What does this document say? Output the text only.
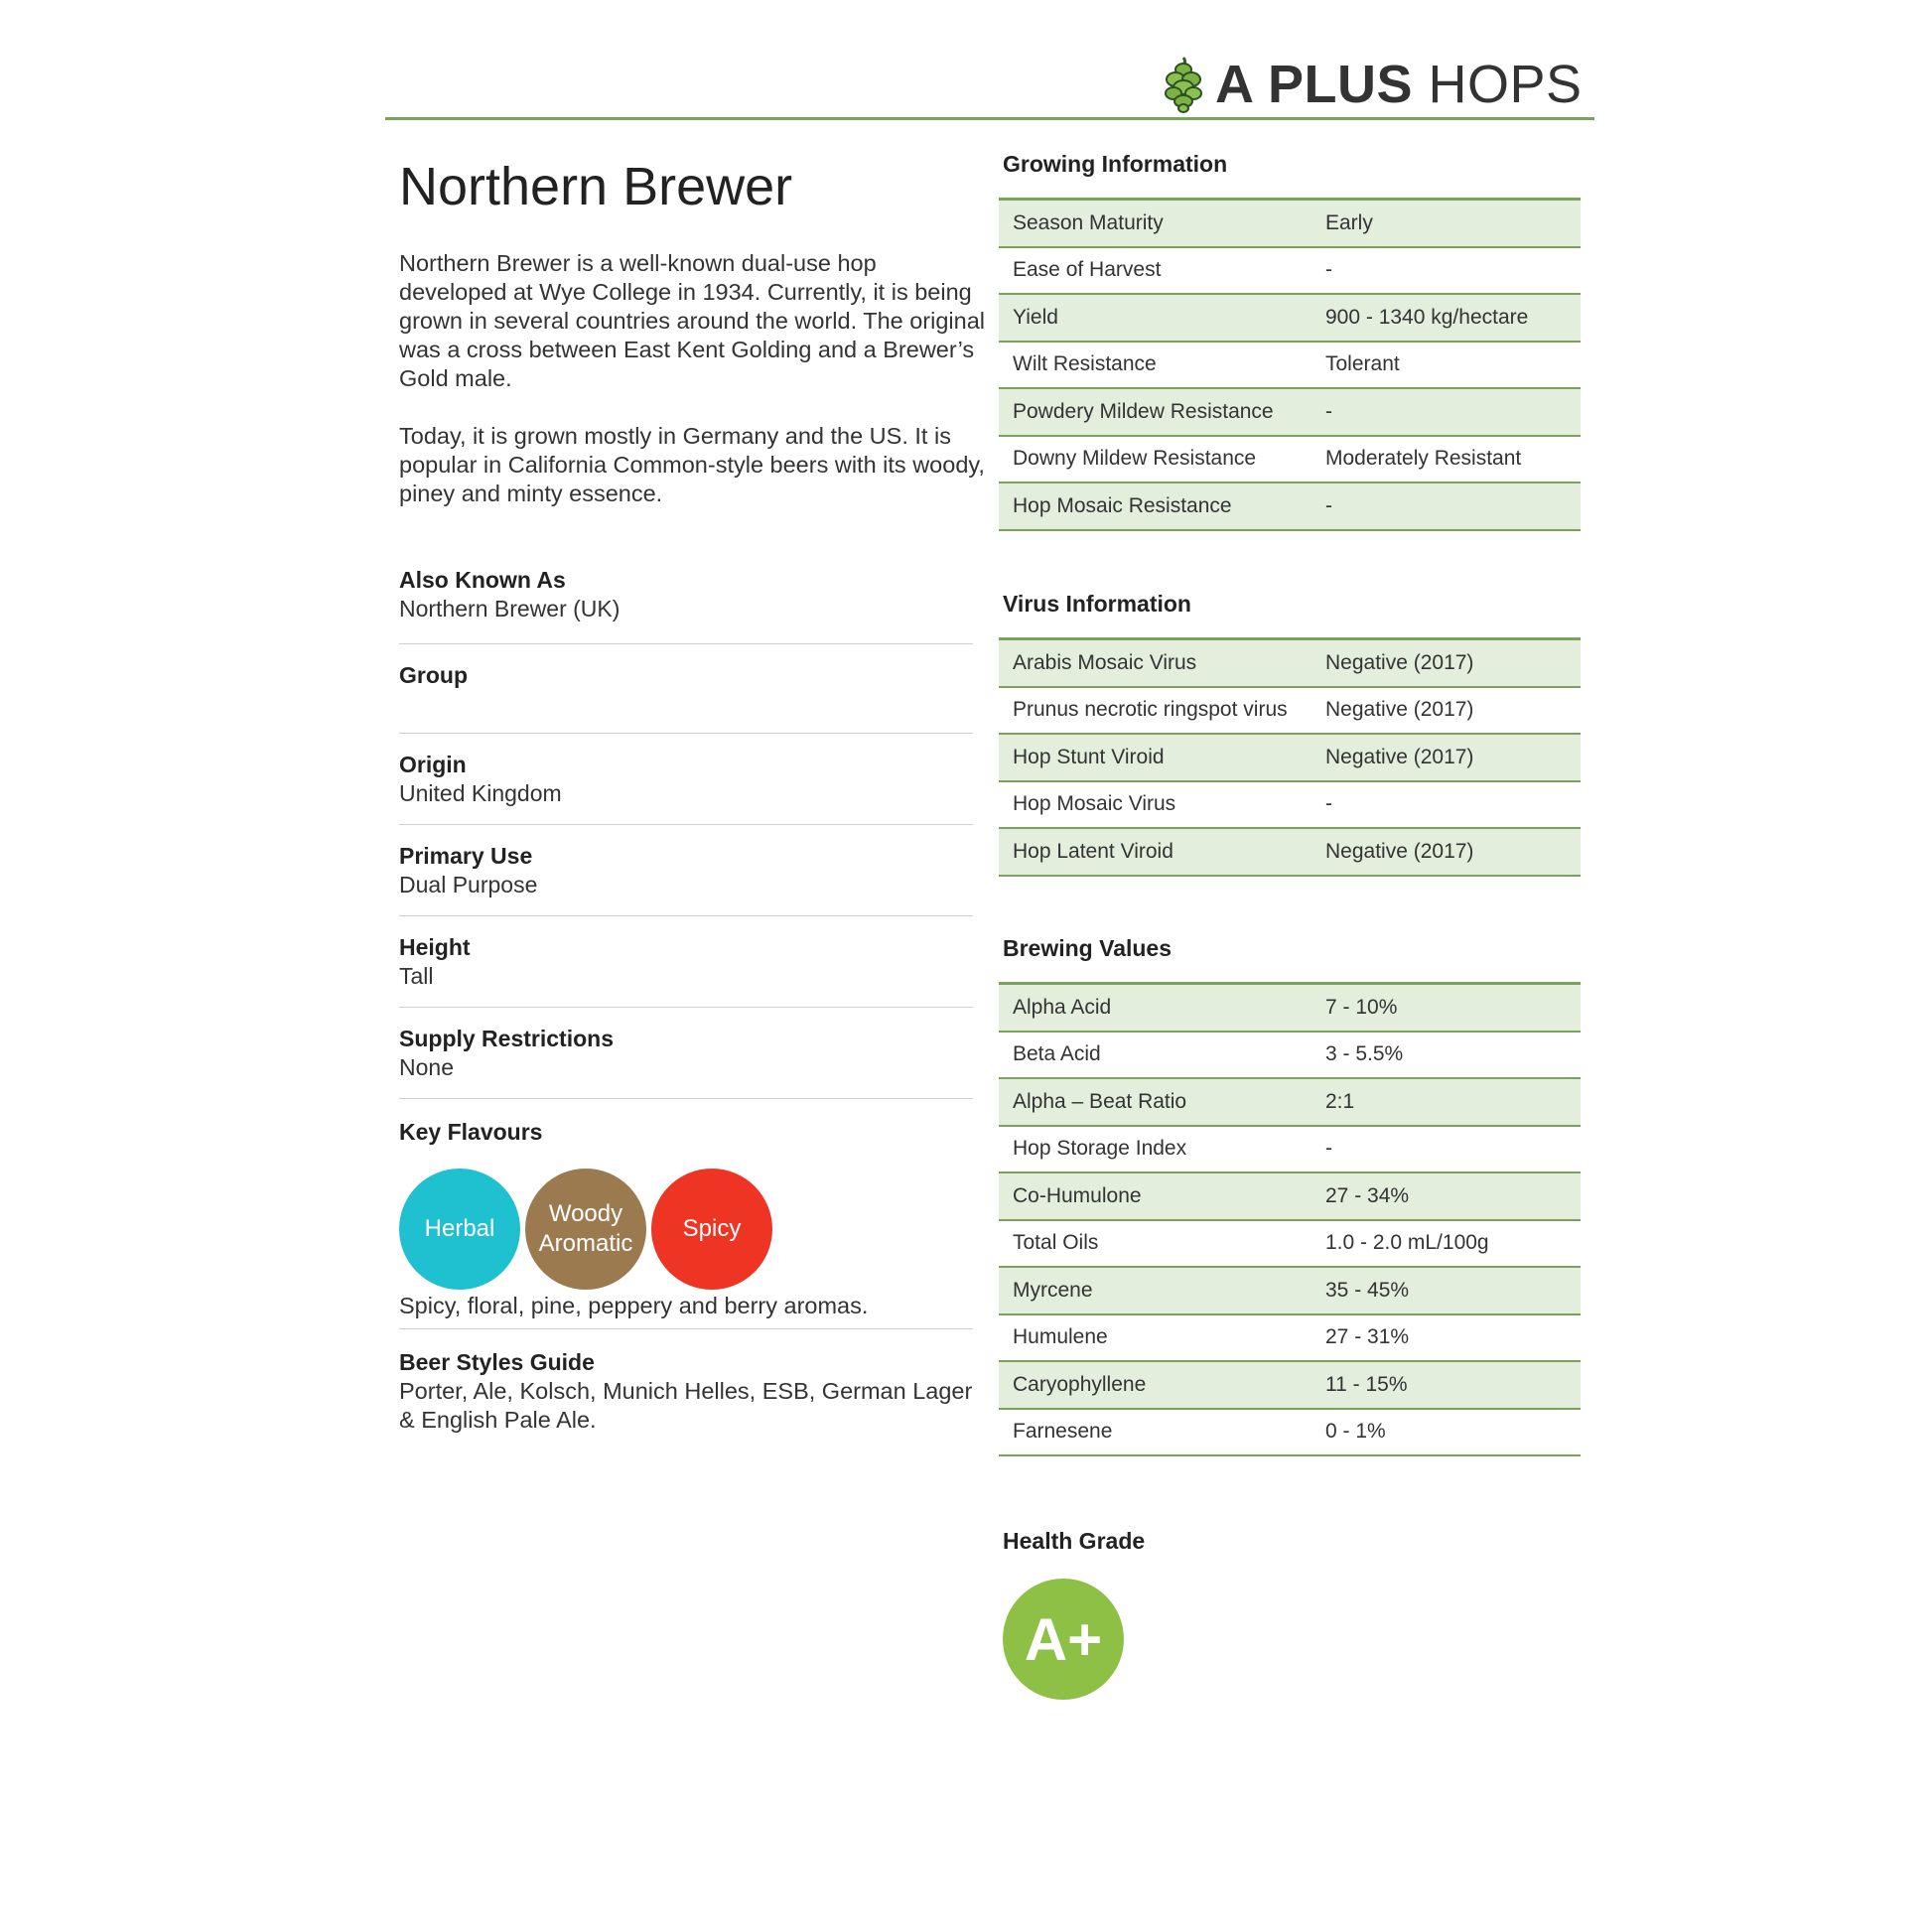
A PLUS HOPS
Northern Brewer

Northern Brewer is a well-known dual-use hop developed at Wye College in 1934. Currently, it is being grown in several countries around the world. The original was a cross between East Kent Golding and a Brewer’s Gold male.

Today, it is grown mostly in Germany and the US. It is popular in California Common-style beers with its woody, piney and minty essence.

Also Known As
Northern Brewer (UK)
Group
Origin
United Kingdom
Primary Use
Dual Purpose
Height
Tall
Supply Restrictions
None
Key Flavours
Herbal
Woody Aromatic
Spicy
Spicy, floral, pine, peppery and berry aromas.
Beer Styles Guide
Porter, Ale, Kolsch, Munich Helles, ESB, German Lager & English Pale Ale.
Growing Information
Season Maturity	Early
Ease of Harvest	-
Yield	900 - 1340 kg/hectare
Wilt Resistance	Tolerant
Powdery Mildew Resistance	-
Downy Mildew Resistance	Moderately Resistant
Hop Mosaic Resistance	-
Virus Information
Arabis Mosaic Virus	Negative (2017)
Prunus necrotic ringspot virus	Negative (2017)
Hop Stunt Viroid	Negative (2017)
Hop Mosaic Virus	-
Hop Latent Viroid	Negative (2017)
Brewing Values
Alpha Acid	7 - 10%
Beta Acid	3 - 5.5%
Alpha – Beat Ratio	2:1
Hop Storage Index	-
Co-Humulone	27 - 34%
Total Oils	1.0 - 2.0 mL/100g
Myrcene	35 - 45%
Humulene	27 - 31%
Caryophyllene	11 - 15%
Farnesene	0 - 1%
Health Grade
A+
